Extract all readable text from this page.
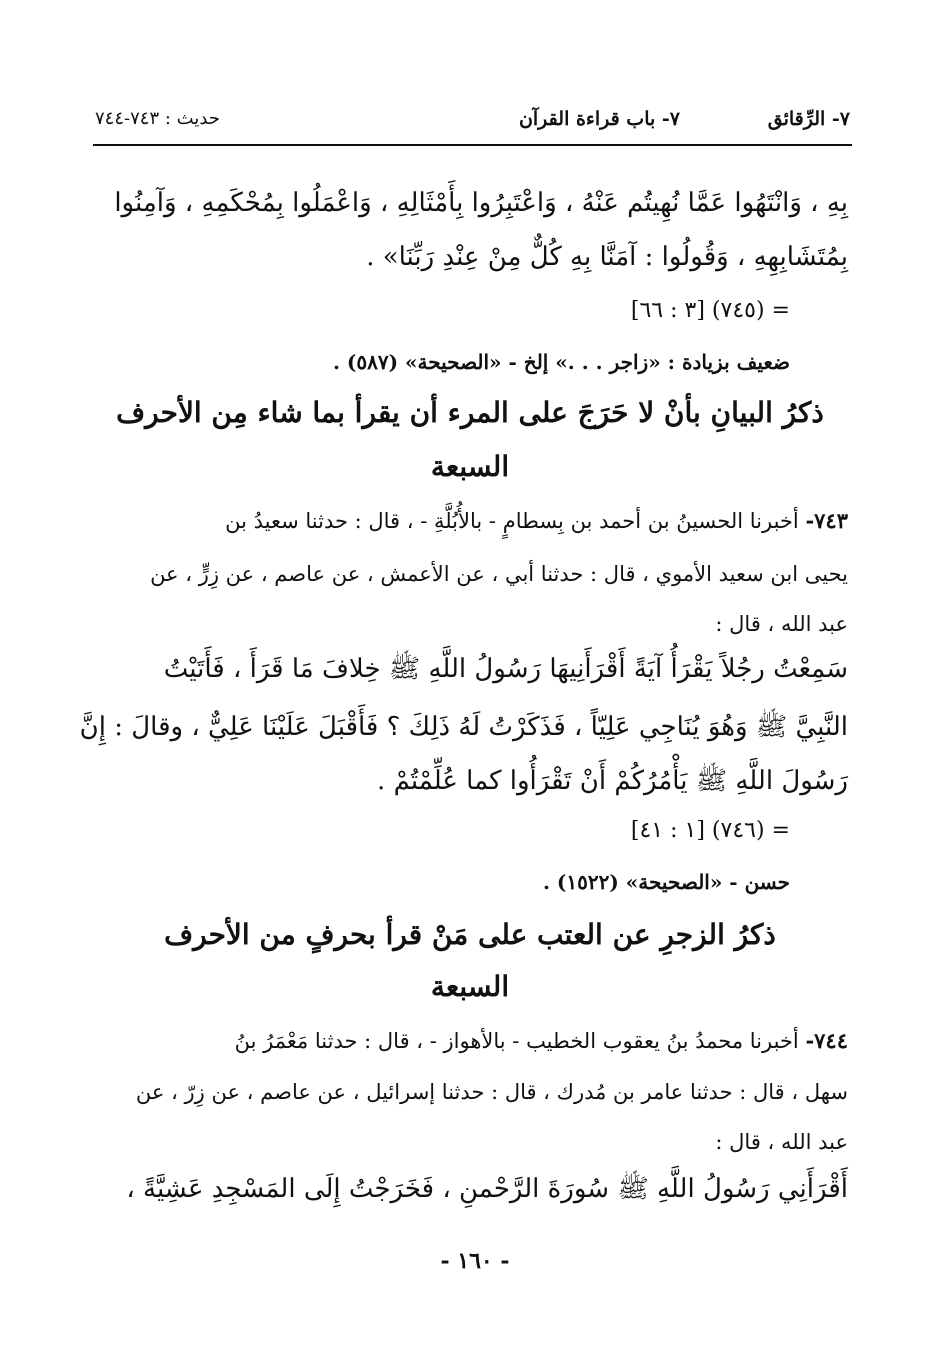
٧- الرِّقائق
٧- باب قراءة القرآن
حديث : ٧٤٣-٧٤٤
بِهِ ، وَانْتَهُوا عَمَّا نُهِيتُم عَنْهُ ، وَاعْتَبِرُوا بِأَمْثَالِهِ ، وَاعْمَلُوا بِمُحْكَمِهِ ، وَآمِنُوا
بِمُتَشَابِهِهِ ، وَقُولُوا : آمَنَّا بِهِ كُلٌّ مِنْ عِنْدِ رَبِّنَا» .
= (٧٤٥) [٣ : ٦٦]
ضعيف بزيادة : «زاجر . . .» إلخ - «الصحيحة» (٥٨٧) .
ذكرُ البيانِ بأنْ لا حَرَجَ على المرء أن يقرأ بما شاء مِن الأحرف
السبعة
٧٤٣- أخبرنا الحسينُ بن أحمد بن بِسطامٍ - بالأُبُلَّةِ - ، قال : حدثنا سعيدُ بن
يحيى ابن سعيد الأموي ، قال : حدثنا أبي ، عن الأعمش ، عن عاصم ، عن زِرٍّ ، عن
عبد الله ، قال :
سَمِعْتُ رجُلاً يَقْرَأُ آيَةً أَقْرَأَنِيهَا رَسُولُ اللَّهِ ﷺ خِلافَ مَا قَرَأَ ، فَأَتَيْتُ
النَّبِيَّ ﷺ وَهُوَ يُنَاجِي عَلِيّاً ، فَذَكَرْتُ لَهُ ذَلِكَ ؟ فَأَقْبَلَ عَلَيْنَا عَلِيٌّ ، وقالَ : إِنَّ
رَسُولَ اللَّهِ ﷺ يَأْمُرُكُمْ أَنْ تَقْرَأُوا كما عُلِّمْتُمْ .
= (٧٤٦) [١ : ٤١]
حسن - «الصحيحة» (١٥٢٢) .
ذكرُ الزجرِ عن العتب على مَنْ قرأ بحرفٍ من الأحرف
السبعة
٧٤٤- أخبرنا محمدُ بنُ يعقوب الخطيب - بالأهواز - ، قال : حدثنا مَعْمَرُ بنُ
سهل ، قال : حدثنا عامر بن مُدرك ، قال : حدثنا إسرائيل ، عن عاصم ، عن زِرّ ، عن
عبد الله ، قال :
أَقْرَأَنِي رَسُولُ اللَّهِ ﷺ سُورَةَ الرَّحْمنِ ، فَخَرَجْتُ إِلَى المَسْجِدِ عَشِيَّةً ،
- ١٦٠ -
